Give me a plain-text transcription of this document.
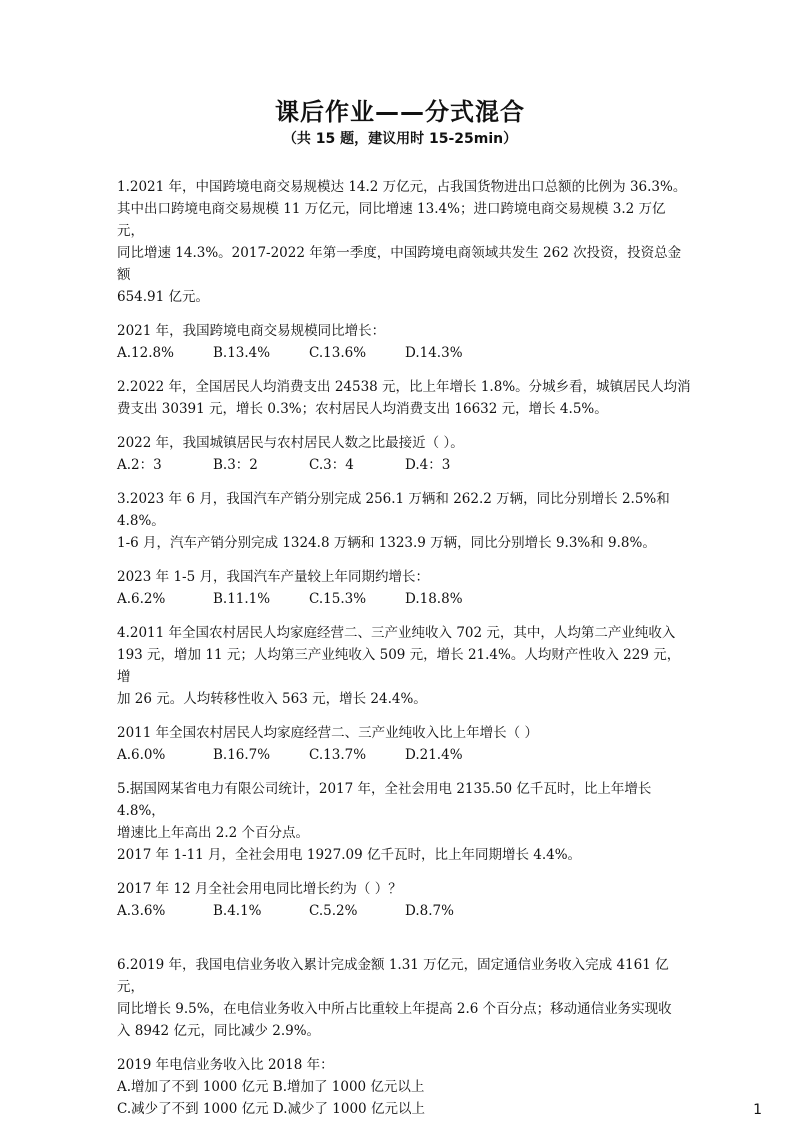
课后作业——分式混合
（共 15 题，建议用时 15-25min）

1.2021 年，中国跨境电商交易规模达 14.2 万亿元，占我国货物进出口总额的比例为 36.3%。

其中出口跨境电商交易规模 11 万亿元，同比增速 13.4%；进口跨境电商交易规模 3.2 万亿元，

同比增速 14.3%。2017-2022 年第一季度，中国跨境电商领域共发生 262 次投资，投资总金额

654.91 亿元。

2021 年，我国跨境电商交易规模同比增长：

A.12.8%	B.13.4%	C.13.6%	D.14.3%

2.2022 年，全国居民人均消费支出 24538 元，比上年增长 1.8%。分城乡看，城镇居民人均消

费支出 30391 元，增长 0.3%；农村居民人均消费支出 16632 元，增长 4.5%。

2022 年，我国城镇居民与农村居民人数之比最接近（ ）。

A.2：3	B.3：2	C.3：4	D.4：3

3.2023 年 6 月，我国汽车产销分别完成 256.1 万辆和 262.2 万辆，同比分别增长 2.5%和 4.8%。

1-6 月，汽车产销分别完成 1324.8 万辆和 1323.9 万辆，同比分别增长 9.3%和 9.8%。

2023 年 1-5 月，我国汽车产量较上年同期约增长：

A.6.2%	B.11.1%	C.15.3%	D.18.8%

4.2011 年全国农村居民人均家庭经营二、三产业纯收入 702 元，其中，人均第二产业纯收入

193 元，增加 11 元；人均第三产业纯收入 509 元，增长 21.4%。人均财产性收入 229 元，增

加 26 元。人均转移性收入 563 元，增长 24.4%。

2011 年全国农村居民人均家庭经营二、三产业纯收入比上年增长（ ）

A.6.0%	B.16.7%	C.13.7%	D.21.4%

5.据国网某省电力有限公司统计，2017 年，全社会用电 2135.50 亿千瓦时，比上年增长 4.8%，

增速比上年高出 2.2 个百分点。

2017 年 1-11 月，全社会用电 1927.09 亿千瓦时，比上年同期增长 4.4%。

2017 年 12 月全社会用电同比增长约为（ ）？

A.3.6%	B.4.1%	C.5.2%	D.8.7%

6.2019 年，我国电信业务收入累计完成金额 1.31 万亿元，固定通信业务收入完成 4161 亿元，

同比增长 9.5%，在电信业务收入中所占比重较上年提高 2.6 个百分点；移动通信业务实现收

入 8942 亿元，同比减少 2.9%。

2019 年电信业务收入比 2018 年：

A.增加了不到 1000 亿元 B.增加了 1000 亿元以上

C.减少了不到 1000 亿元 D.减少了 1000 亿元以上	1
